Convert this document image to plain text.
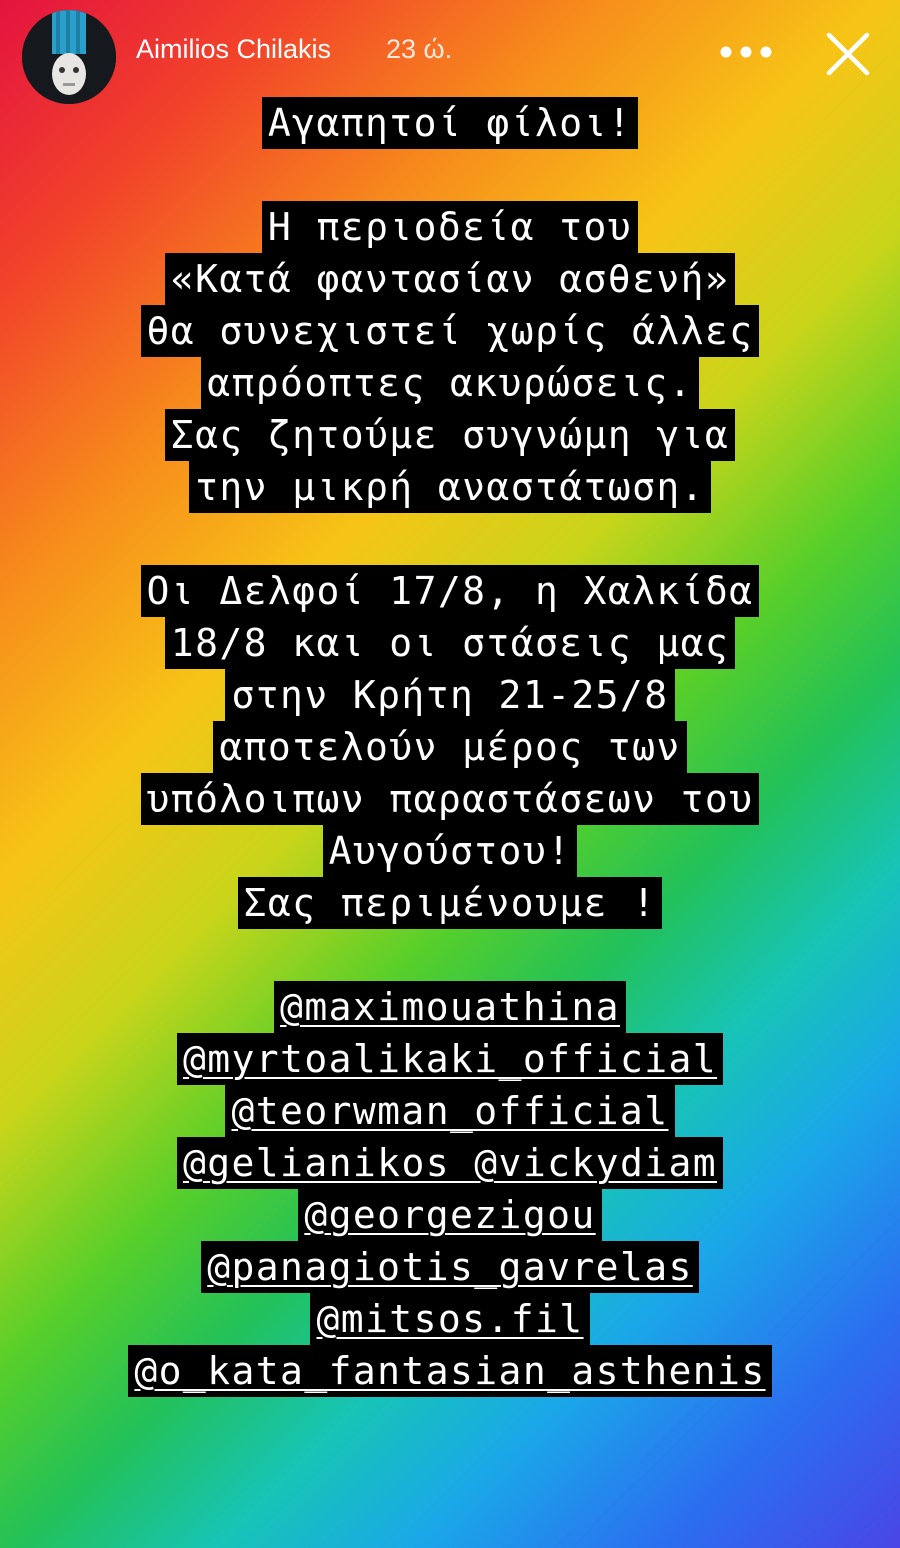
Aimilios Chilakis 23 ώ.
Αγαπητοί φίλοι!
Η περιοδεία του
«Κατά φαντασίαν ασθενή»
θα συνεχιστεί χωρίς άλλες
απρόοπτες ακυρώσεις.
Σας ζητούμε συγνώμη για
την μικρή αναστάτωση.
Οι Δελφοί 17/8, η Χαλκίδα
18/8 και οι στάσεις μας
στην Κρήτη 21-25/8
αποτελούν μέρος των
υπόλοιπων παραστάσεων του
Αυγούστου!
Σας περιμένουμε !
@maximouathina
@myrtoalikaki_official
@teorwman_official
@gelianikos @vickydiam
@georgezigou
@panagiotis_gavrelas
@mitsos.fil
@o_kata_fantasian_asthenis
